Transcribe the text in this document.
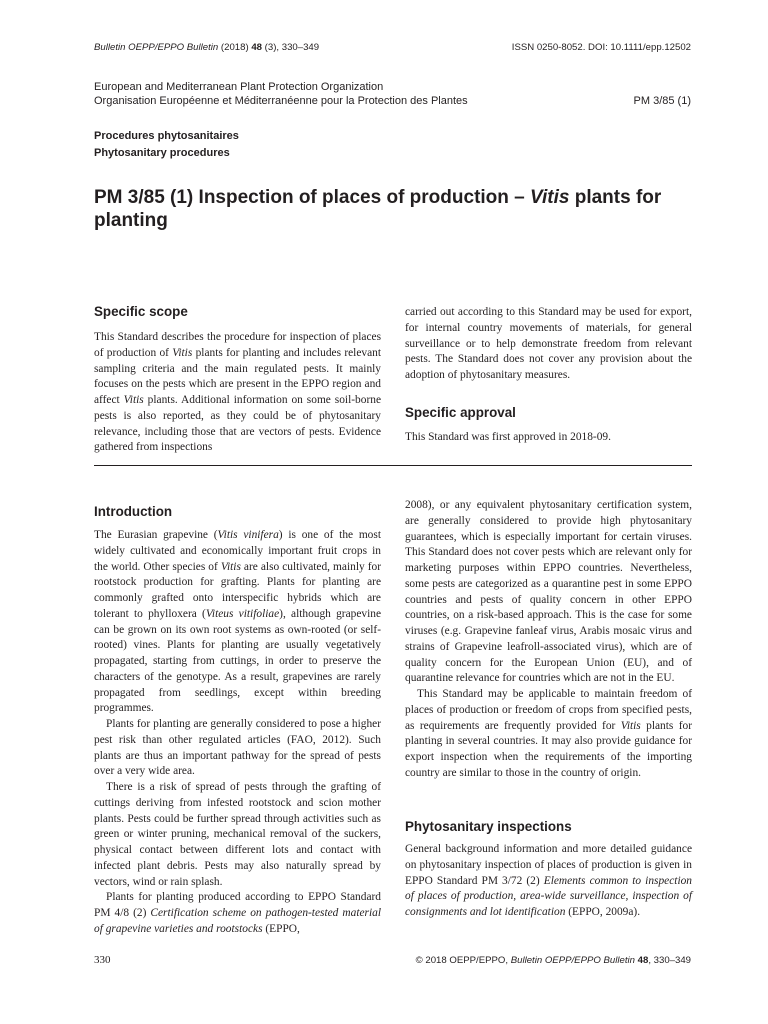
Bulletin OEPP/EPPO Bulletin (2018) 48 (3), 330–349	ISSN 0250-8052. DOI: 10.1111/epp.12502
European and Mediterranean Plant Protection Organization
Organisation Européenne et Méditerranéenne pour la Protection des Plantes	PM 3/85 (1)
Procedures phytosanitaires
Phytosanitary procedures
PM 3/85 (1) Inspection of places of production – Vitis plants for planting
Specific scope

This Standard describes the procedure for inspection of places of production of Vitis plants for planting and includes relevant sampling criteria and the main regulated pests. It mainly focuses on the pests which are present in the EPPO region and affect Vitis plants. Additional information on some soil-borne pests is also reported, as they could be of phytosanitary relevance, including those that are vectors of pests. Evidence gathered from inspections

carried out according to this Standard may be used for export, for internal country movements of materials, for general surveillance or to help demonstrate freedom from relevant pests. The Standard does not cover any provision about the adoption of phytosanitary measures.

Specific approval

This Standard was first approved in 2018-09.

Introduction

The Eurasian grapevine (Vitis vinifera) is one of the most widely cultivated and economically important fruit crops in the world. Other species of Vitis are also cultivated, mainly for rootstock production for grafting. Plants for planting are commonly grafted onto interspecific hybrids which are tolerant to phylloxera (Viteus vitifoliae), although grapevine can be grown on its own root systems as own-rooted (or self-rooted) vines. Plants for planting are usually vegetatively propagated, starting from cuttings, in order to preserve the characters of the genotype. As a result, grapevines are rarely propagated from seedlings, except within breeding programmes.

Plants for planting are generally considered to pose a higher pest risk than other regulated articles (FAO, 2012). Such plants are thus an important pathway for the spread of pests over a very wide area.

There is a risk of spread of pests through the grafting of cuttings deriving from infested rootstock and scion mother plants. Pests could be further spread through activities such as green or winter pruning, mechanical removal of the suckers, physical contact between different lots and contact with infected plant debris. Pests may also naturally spread by vectors, wind or rain splash.

Plants for planting produced according to EPPO Standard PM 4/8 (2) Certification scheme on pathogen-tested material of grapevine varieties and rootstocks (EPPO,

2008), or any equivalent phytosanitary certification system, are generally considered to provide high phytosanitary guarantees, which is especially important for certain viruses. This Standard does not cover pests which are relevant only for marketing purposes within EPPO countries. Nevertheless, some pests are categorized as a quarantine pest in some EPPO countries and pests of quality concern in other EPPO countries, on a risk-based approach. This is the case for some viruses (e.g. Grapevine fanleaf virus, Arabis mosaic virus and strains of Grapevine leafroll-associated virus), which are of quality concern for the European Union (EU), and of quarantine relevance for countries which are not in the EU.

This Standard may be applicable to maintain freedom of places of production or freedom of crops from specified pests, as requirements are frequently provided for Vitis plants for planting in several countries. It may also provide guidance for export inspection when the requirements of the importing country are similar to those in the country of origin.

Phytosanitary inspections

General background information and more detailed guidance on phytosanitary inspection of places of production is given in EPPO Standard PM 3/72 (2) Elements common to inspection of places of production, area-wide surveillance, inspection of consignments and lot identification (EPPO, 2009a).

330	© 2018 OEPP/EPPO, Bulletin OEPP/EPPO Bulletin 48, 330–349
